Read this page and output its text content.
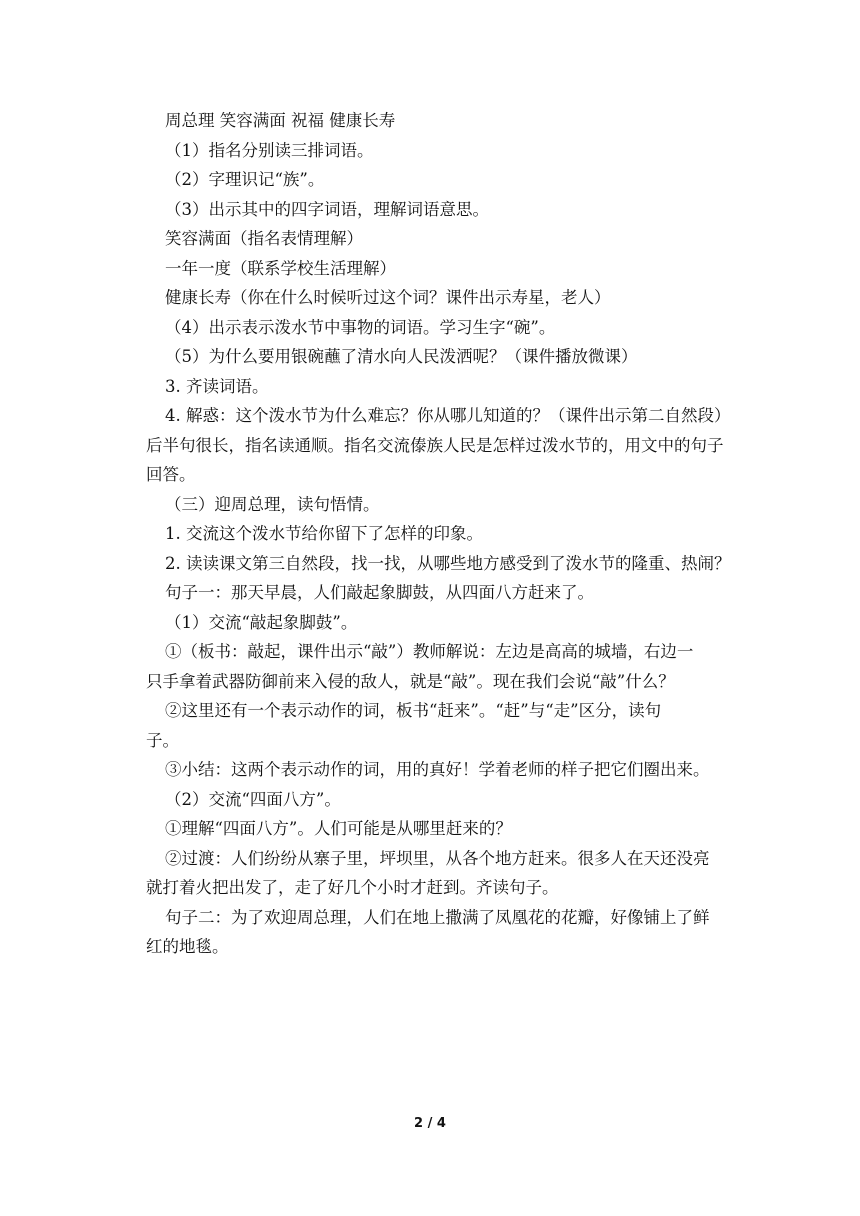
周总理 笑容满面 祝福 健康长寿
（1）指名分别读三排词语。
（2）字理识记“族”。
（3）出示其中的四字词语，理解词语意思。
笑容满面（指名表情理解）
一年一度（联系学校生活理解）
健康长寿（你在什么时候听过这个词？课件出示寿星，老人）
（4）出示表示泼水节中事物的词语。学习生字“碗”。
（5）为什么要用银碗蘸了清水向人民泼洒呢？（课件播放微课）
3. 齐读词语。
4. 解惑：这个泼水节为什么难忘？你从哪儿知道的？（课件出示第二自然段）
后半句很长，指名读通顺。指名交流傣族人民是怎样过泼水节的，用文中的句子
回答。
（三）迎周总理，读句悟情。
1. 交流这个泼水节给你留下了怎样的印象。
2. 读读课文第三自然段，找一找，从哪些地方感受到了泼水节的隆重、热闹？
句子一：那天早晨，人们敲起象脚鼓，从四面八方赶来了。
（1）交流“敲起象脚鼓”。
①（板书：敲起，课件出示“敲”）教师解说：左边是高高的城墙，右边一
只手拿着武器防御前来入侵的敌人，就是“敲”。现在我们会说“敲”什么？
②这里还有一个表示动作的词，板书“赶来”。“赶”与“走”区分，读句
子。
③小结：这两个表示动作的词，用的真好！学着老师的样子把它们圈出来。
（2）交流“四面八方”。
①理解“四面八方”。人们可能是从哪里赶来的？
②过渡：人们纷纷从寨子里，坪坝里，从各个地方赶来。很多人在天还没亮
就打着火把出发了，走了好几个小时才赶到。齐读句子。
句子二：为了欢迎周总理，人们在地上撒满了凤凰花的花瓣，好像铺上了鲜
红的地毯。
2 / 4
